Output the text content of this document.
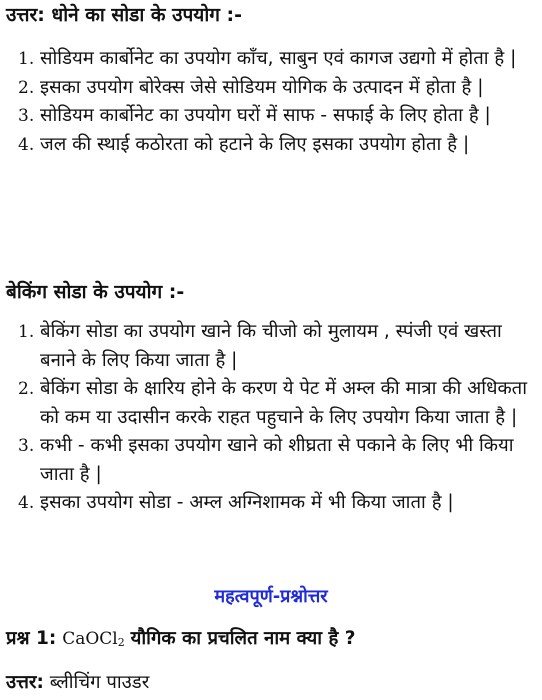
उत्तर: धोने का सोडा के उपयोग :-
1. सोडियम कार्बोनेट का उपयोग काँच, साबुन एवं कागज उद्यगो में होता है |
2. इसका उपयोग बोरेक्स जेसे सोडियम योगिक के उत्पादन में होता है |
3. सोडियम कार्बोनेट का उपयोग घरों में साफ - सफाई के लिए होता है |
4. जल की स्थाई कठोरता को हटाने के लिए इसका उपयोग होता है |
बेकिंग सोडा के उपयोग :-
1. बेकिंग सोडा का उपयोग खाने कि चीजो को मुलायम , स्पंजी एवं खस्ता बनाने के लिए किया जाता है |
2. बेकिंग सोडा के क्षारिय होने के करण ये पेट में अम्ल की मात्रा की अधिकता को कम या उदासीन करके राहत पहुचाने के लिए उपयोग किया जाता है |
3. कभी - कभी इसका उपयोग खाने को शीघ्रता से पकाने के लिए भी किया जाता है |
4. इसका उपयोग सोडा - अम्ल अग्निशामक में भी किया जाता है |
महत्वपूर्ण-प्रश्नोत्तर
प्रश्न 1: CaOCl$_2$ यौगिक का प्रचलित नाम क्या है ?
उत्तर: ब्लीचिंग पाउडर
